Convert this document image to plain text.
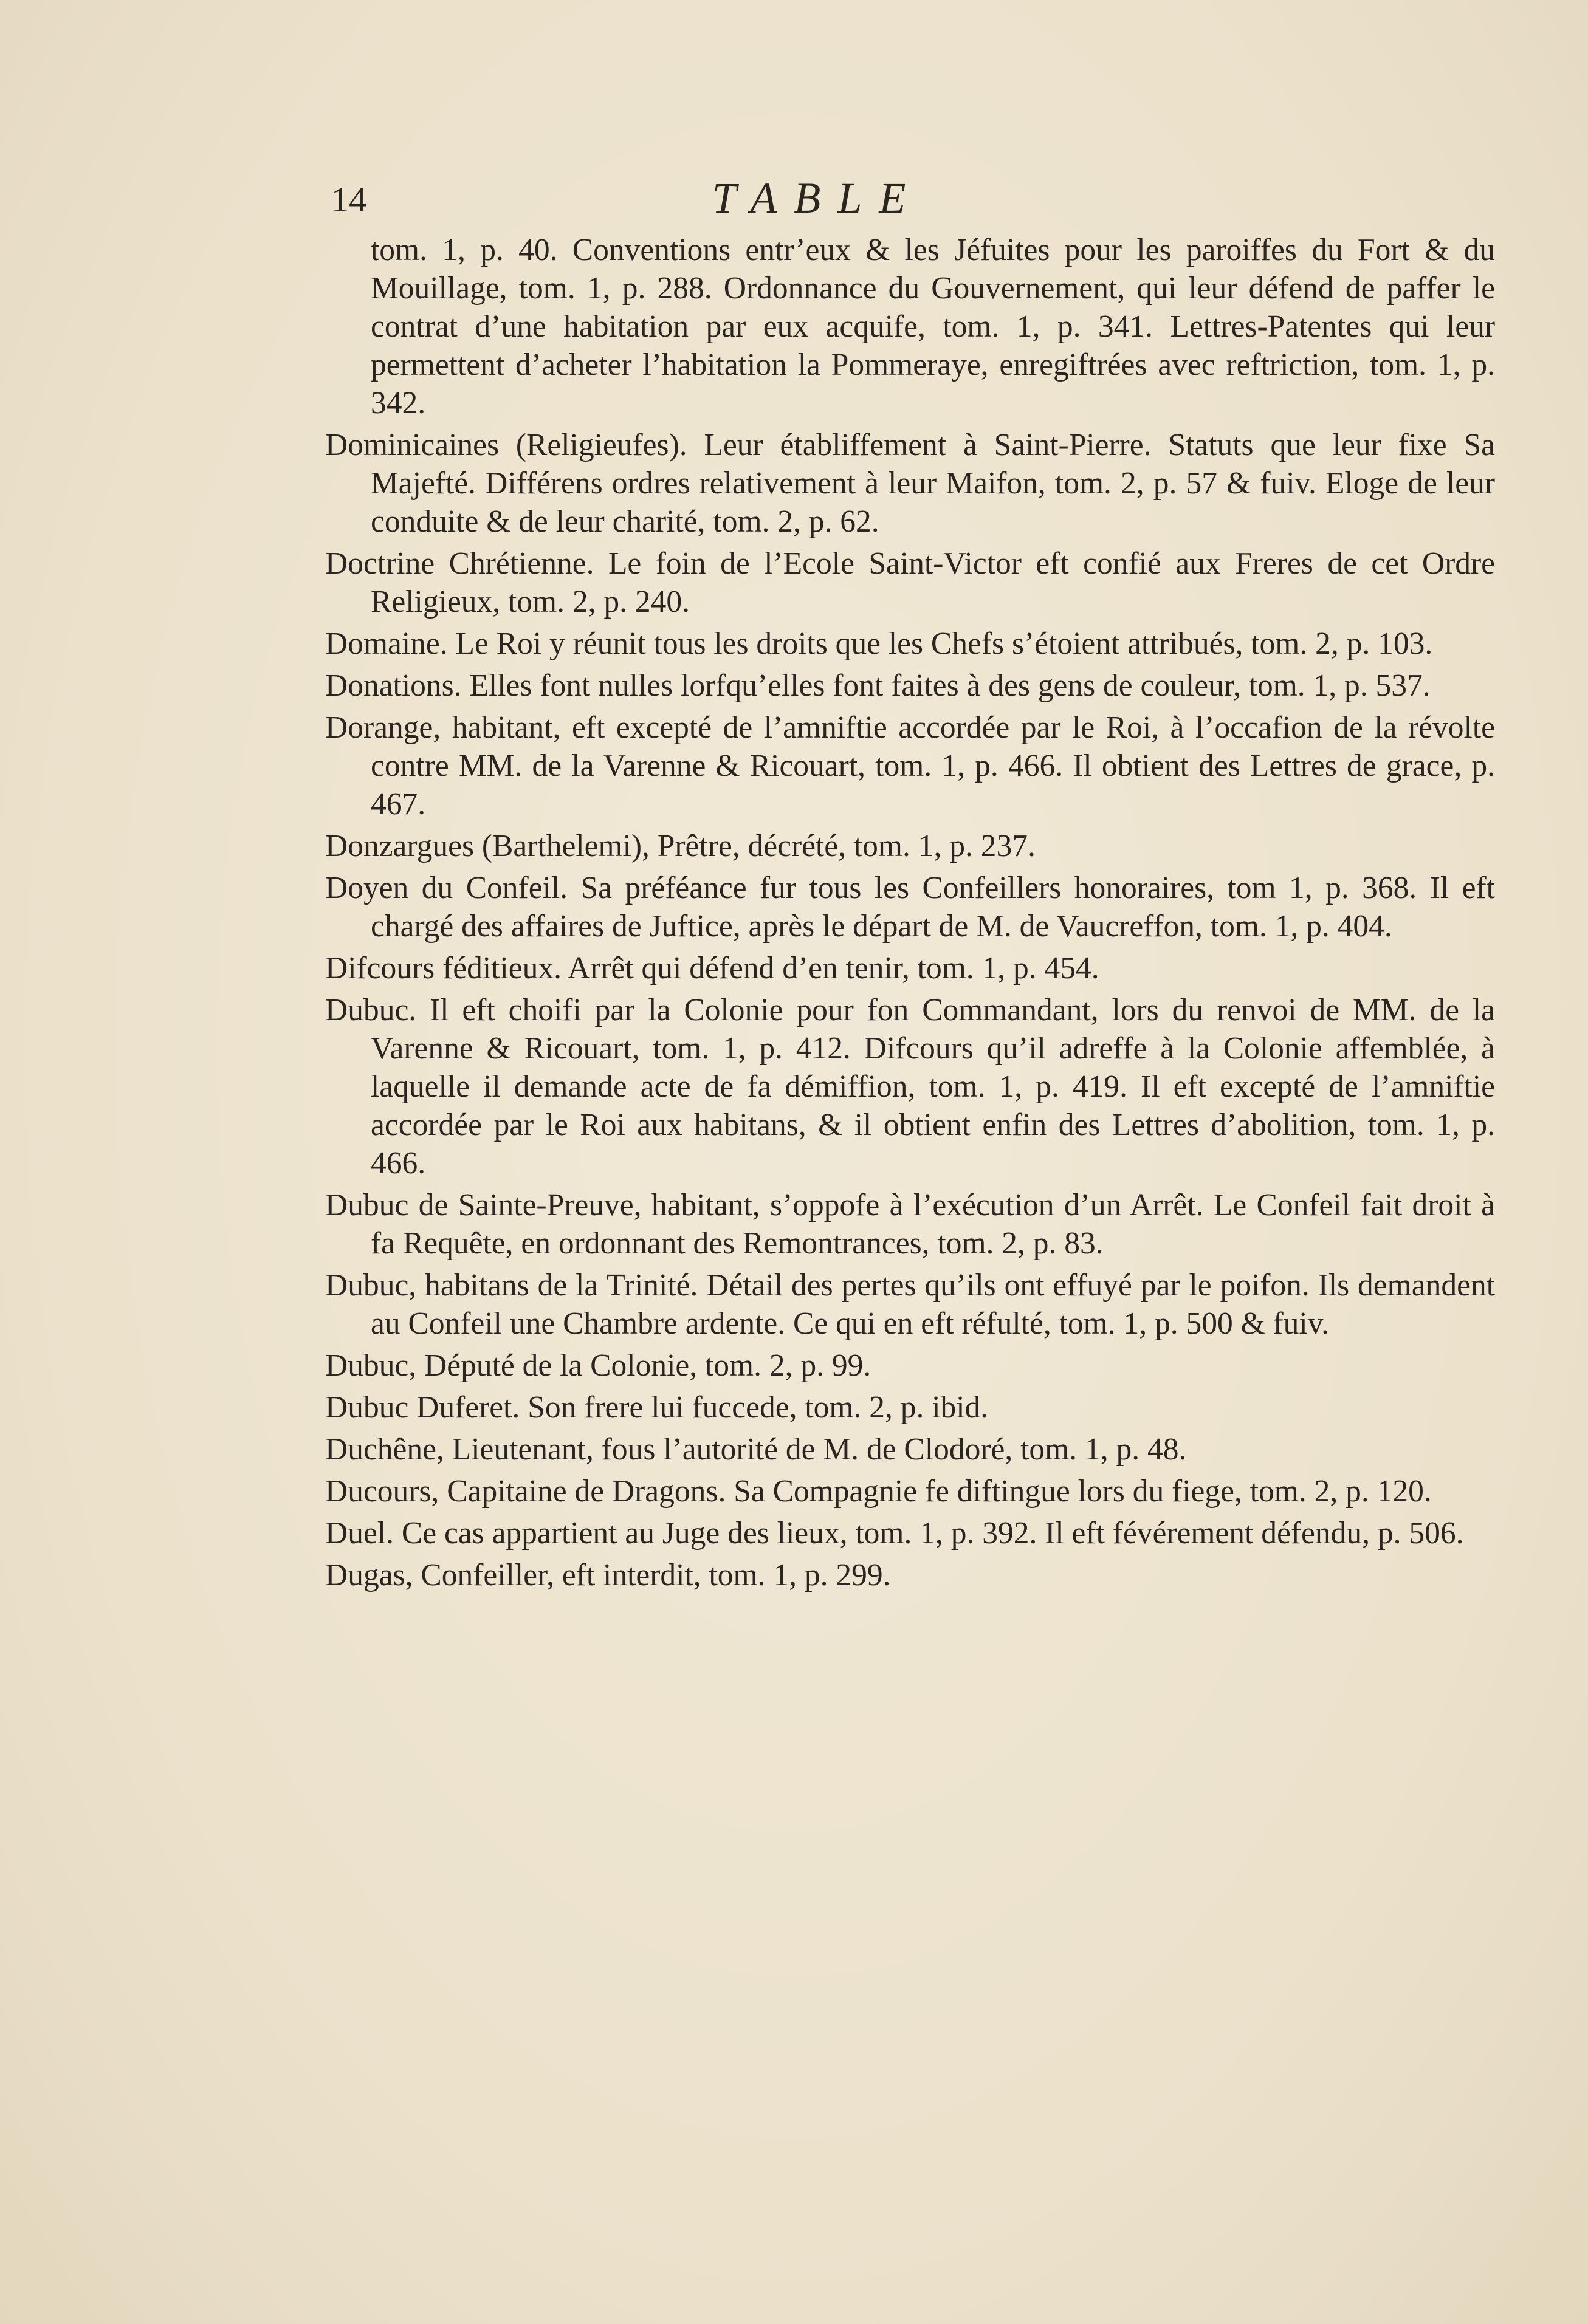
14	TABLE

tom. 1, p. 40. Conventions entr’eux & les Jéfuites pour les paroiffes du Fort & du Mouillage, tom. 1, p. 288. Ordonnance du Gouvernement, qui leur défend de paffer le contrat d’une habitation par eux acquife, tom. 1, p. 341. Lettres-Patentes qui leur permettent d’acheter l’habitation la Pommeraye, enregiftrées avec reftriction, tom. 1, p. 342.

Dominicaines (Religieufes). Leur établiffement à Saint-Pierre. Statuts que leur fixe Sa Majefté. Différens ordres relativement à leur Maifon, tom. 2, p. 57 & fuiv. Eloge de leur conduite & de leur charité, tom. 2, p. 62.

Doctrine Chrétienne. Le foin de l’Ecole Saint-Victor eft confié aux Freres de cet Ordre Religieux, tom. 2, p. 240.

Domaine. Le Roi y réunit tous les droits que les Chefs s’étoient attribués, tom. 2, p. 103.

Donations. Elles font nulles lorfqu’elles font faites à des gens de couleur, tom. 1, p. 537.

Dorange, habitant, eft excepté de l’amniftie accordée par le Roi, à l’occafion de la révolte contre MM. de la Varenne & Ricouart, tom. 1, p. 466. Il obtient des Lettres de grace, p. 467.

Donzargues (Barthelemi), Prêtre, décrété, tom. 1, p. 237.

Doyen du Confeil. Sa préféance fur tous les Confeillers honoraires, tom 1, p. 368. Il eft chargé des affaires de Juftice, après le départ de M. de Vaucreffon, tom. 1, p. 404.

Difcours féditieux. Arrêt qui défend d’en tenir, tom. 1, p. 454.

Dubuc. Il eft choifi par la Colonie pour fon Commandant, lors du renvoi de MM. de la Varenne & Ricouart, tom. 1, p. 412. Difcours qu’il adreffe à la Colonie affemblée, à laquelle il demande acte de fa démiffion, tom. 1, p. 419. Il eft excepté de l’amniftie accordée par le Roi aux habitans, & il obtient enfin des Lettres d’abolition, tom. 1, p. 466.

Dubuc de Sainte-Preuve, habitant, s’oppofe à l’exécution d’un Arrêt. Le Confeil fait droit à fa Requête, en ordonnant des Remontrances, tom. 2, p. 83.

Dubuc, habitans de la Trinité. Détail des pertes qu’ils ont effuyé par le poifon. Ils demandent au Confeil une Chambre ardente. Ce qui en eft réfulté, tom. 1, p. 500 & fuiv.

Dubuc, Député de la Colonie, tom. 2, p. 99.

Dubuc Duferet. Son frere lui fuccede, tom. 2, p. ibid.

Duchêne, Lieutenant, fous l’autorité de M. de Clodoré, tom. 1, p. 48.

Ducours, Capitaine de Dragons. Sa Compagnie fe diftingue lors du fiege, tom. 2, p. 120.

Duel. Ce cas appartient au Juge des lieux, tom. 1, p. 392. Il eft févérement défendu, p. 506.

Dugas, Confeiller, eft interdit, tom. 1, p. 299.
